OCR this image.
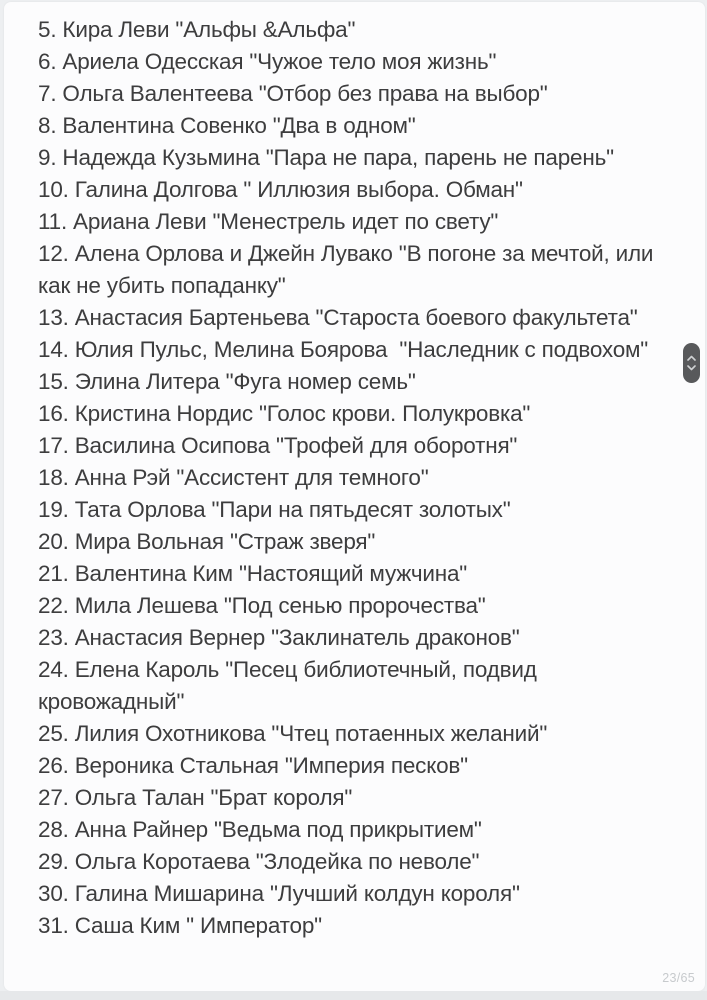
5. Кира Леви "Альфы &Альфа"

6. Ариела Одесская "Чужое тело моя жизнь"

7. Ольга Валентеева "Отбор без права на выбор"

8. Валентина Совенко "Два в одном"

9. Надежда Кузьмина "Пара не пара, парень не парень"

10. Галина Долгова " Иллюзия выбора. Обман"

11. Ариана Леви "Менестрель идет по свету"

12. Алена Орлова и Джейн Лувако "В погоне за мечтой, или как не убить попаданку"

13. Анастасия Бартеньева "Староста боевого факультета"

14. Юлия Пульс, Мелина Боярова  "Наследник с подвохом"

15. Элина Литера "Фуга номер семь"

16. Кристина Нордис "Голос крови. Полукровка"

17. Василина Осипова "Трофей для оборотня"

18. Анна Рэй "Ассистент для темного"

19. Тата Орлова "Пари на пятьдесят золотых"

20. Мира Вольная "Страж зверя"

21. Валентина Ким "Настоящий мужчина"

22. Мила Лешева "Под сенью пророчества"

23. Анастасия Вернер "Заклинатель драконов"

24. Елена Кароль "Песец библиотечный, подвид кровожадный"

25. Лилия Охотникова "Чтец потаенных желаний"

26. Вероника Стальная "Империя песков"

27. Ольга Талан "Брат короля"

28. Анна Райнер "Ведьма под прикрытием"

29. Ольга Коротаева "Злодейка по неволе"

30. Галина Мишарина "Лучший колдун короля"

31. Саша Ким " Император"

23/65
